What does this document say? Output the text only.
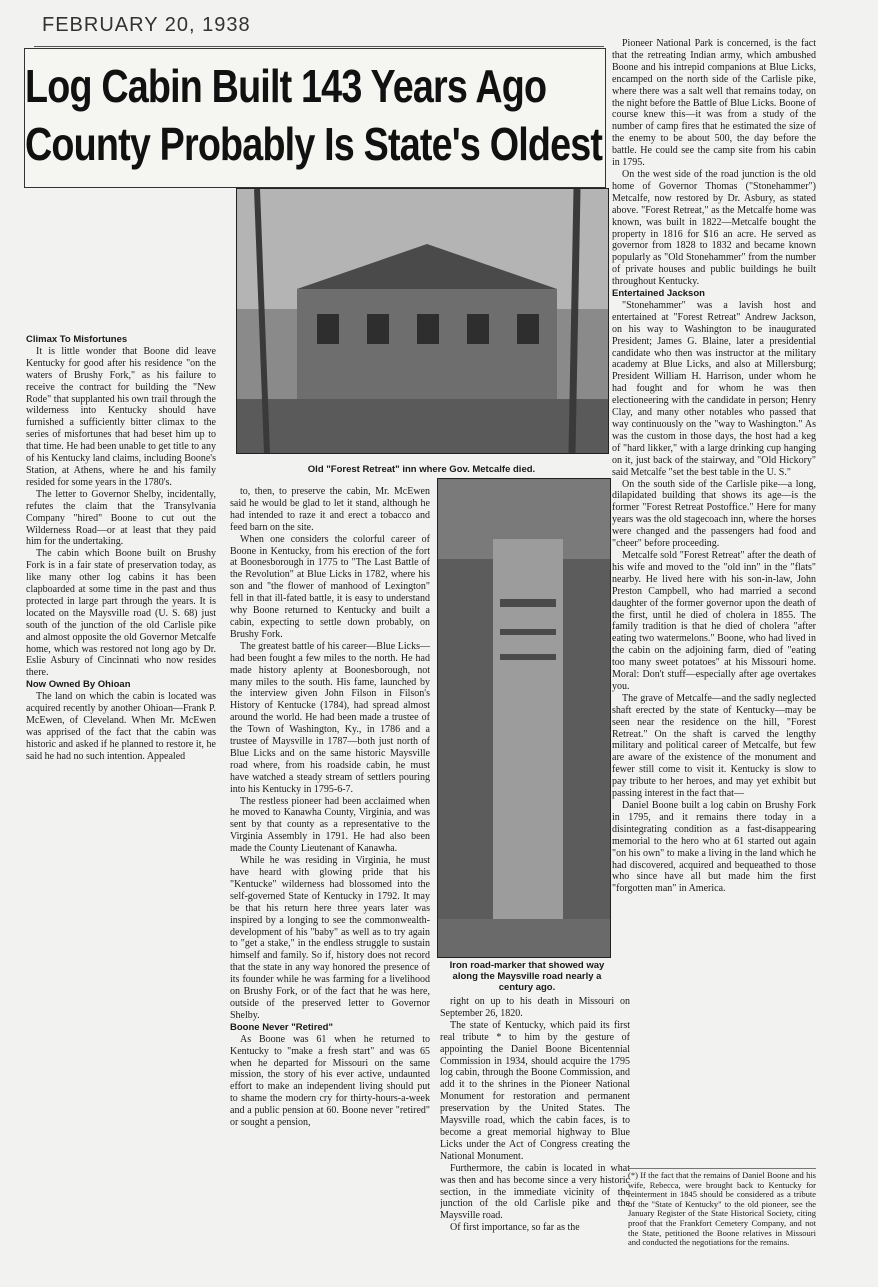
FEBRUARY 20, 1938
Log Cabin Built 143 Years Ago
County Probably Is State's Oldest
Old "Forest Retreat" inn where Gov. Metcalfe died.
Iron road-marker that showed way along the Maysville road nearly a century ago.

Climax To Misfortunes

It is little wonder that Boone did leave Kentucky for good after his residence "on the waters of Brushy Fork," as his failure to receive the contract for building the "New Rode" that supplanted his own trail through the wilderness into Kentucky should have furnished a sufficiently bitter climax to the series of misfortunes that had beset him up to that time. He had been unable to get title to any of his Kentucky land claims, including Boone's Station, at Athens, where he and his family resided for some years in the 1780's.

The letter to Governor Shelby, incidentally, refutes the claim that the Transylvania Company "hired" Boone to cut out the Wilderness Road—or at least that they paid him for the undertaking.

The cabin which Boone built on Brushy Fork is in a fair state of preservation today, as like many other log cabins it has been clapboarded at some time in the past and thus protected in large part through the years. It is located on the Maysville road (U. S. 68) just south of the junction of the old Carlisle pike and almost opposite the old Governor Metcalfe home, which was restored not long ago by Dr. Eslie Asbury of Cincinnati who now resides there.

Now Owned By Ohioan

The land on which the cabin is located was acquired recently by another Ohioan—Frank P. McEwen, of Cleveland. When Mr. McEwen was apprised of the fact that the cabin was historic and asked if he planned to restore it, he said he had no such intention. Appealed

to, then, to preserve the cabin, Mr. McEwen said he would be glad to let it stand, although he had intended to raze it and erect a tobacco and feed barn on the site.

When one considers the colorful career of Boone in Kentucky, from his erection of the fort at Boonesborough in 1775 to "The Last Battle of the Revolution" at Blue Licks in 1782, where his son and "the flower of manhood of Lexington" fell in that ill-fated battle, it is easy to understand why Boone returned to Kentucky and built a cabin, expecting to settle down probably, on Brushy Fork.

The greatest battle of his career—Blue Licks—had been fought a few miles to the north. He had made history aplenty at Boonesborough, not many miles to the south. His fame, launched by the interview given John Filson in Filson's History of Kentucke (1784), had spread almost around the world. He had been made a trustee of the Town of Washington, Ky., in 1786 and a trustee of Maysville in 1787—both just north of Blue Licks and on the same historic Maysville road where, from his roadside cabin, he must have watched a steady stream of settlers pouring into his Kentucky in 1795-6-7.

The restless pioneer had been acclaimed when he moved to Kanawha County, Virginia, and was sent by that county as a representative to the Virginia Assembly in 1791. He had also been made the County Lieutenant of Kanawha.

While he was residing in Virginia, he must have heard with glowing pride that his "Kentucke" wilderness had blossomed into the self-governed State of Kentucky in 1792. It may be that his return here three years later was inspired by a longing to see the commonwealth-development of his "baby" as well as to try again to "get a stake," in the endless struggle to sustain himself and family. So if, history does not record that the state in any way honored the presence of its founder while he was farming for a livelihood on Brushy Fork, or of the fact that he was here, outside of the preserved letter to Governor Shelby.

Boone Never "Retired"

As Boone was 61 when he returned to Kentucky to "make a fresh start" and was 65 when he departed for Missouri on the same mission, the story of his ever active, undaunted effort to make an independent living should put to shame the modern cry for thirty-hours-a-week and a public pension at 60. Boone never "retired" or sought a pension,

right on up to his death in Missouri on September 26, 1820.

The state of Kentucky, which paid its first real tribute * to him by the gesture of appointing the Daniel Boone Bicentennial Commission in 1934, should acquire the 1795 log cabin, through the Boone Commission, and add it to the shrines in the Pioneer National Monument for restoration and permanent preservation by the United States. The Maysville road, which the cabin faces, is to become a great memorial highway to Blue Licks under the Act of Congress creating the National Monument.

Furthermore, the cabin is located in what was then and has become since a very historic section, in the immediate vicinity of the junction of the old Carlisle pike and the Maysville road.

Of first importance, so far as the

Pioneer National Park is concerned, is the fact that the retreating Indian army, which ambushed Boone and his intrepid companions at Blue Licks, encamped on the north side of the Carlisle pike, where there was a salt well that remains today, on the night before the Battle of Blue Licks. Boone of course knew this—it was from a study of the number of camp fires that he estimated the size of the enemy to be about 500, the day before the battle. He could see the camp site from his cabin in 1795.

On the west side of the road junction is the old home of Governor Thomas ("Stonehammer") Metcalfe, now restored by Dr. Asbury, as stated above. "Forest Retreat," as the Metcalfe home was known, was built in 1822—Metcalfe bought the property in 1816 for $16 an acre. He served as governor from 1828 to 1832 and became known popularly as "Old Stonehammer" from the number of private houses and public buildings he built throughout Kentucky.

Entertained Jackson

"Stonehammer" was a lavish host and entertained at "Forest Retreat" Andrew Jackson, on his way to Washington to be inaugurated President; James G. Blaine, later a presidential candidate who then was instructor at the military academy at Blue Licks, and also at Millersburg; President William H. Harrison, under whom he had fought and for whom he was then electioneering with the candidate in person; Henry Clay, and many other notables who passed that way continuously on the "way to Washington." As was the custom in those days, the host had a keg of "hard likker," with a large drinking cup hanging on it, just back of the stairway, and "Old Hickory" said Metcalfe "set the best table in the U. S."

On the south side of the Carlisle pike—a long, dilapidated building that shows its age—is the former "Forest Retreat Postoffice." Here for many years was the old stagecoach inn, where the horses were changed and the passengers had food and "cheer" before proceeding.

Metcalfe sold "Forest Retreat" after the death of his wife and moved to the "old inn" in the "flats" nearby. He lived here with his son-in-law, John Preston Campbell, who had married a second daughter of the former governor upon the death of the first, until he died of cholera in 1855. The family tradition is that he died of cholera "after eating two watermelons." Boone, who had lived in the cabin on the adjoining farm, died of "eating too many sweet potatoes" at his Missouri home. Moral: Don't stuff—especially after age overtakes you.

The grave of Metcalfe—and the sadly neglected shaft erected by the state of Kentucky—may be seen near the residence on the hill, "Forest Retreat." On the shaft is carved the lengthy military and political career of Metcalfe, but few are aware of the existence of the monument and fewer still come to visit it. Kentucky is slow to pay tribute to her heroes, and may yet exhibit but passing interest in the fact that—

Daniel Boone built a log cabin on Brushy Fork in 1795, and it remains there today in a disintegrating condition as a fast-disappearing memorial to the hero who at 61 started out again "on his own" to make a living in the land which he had discovered, acquired and bequeathed to those who since have all but made him the first "forgotten man" in America.

(*) If the fact that the remains of Daniel Boone and his wife, Rebecca, were brought back to Kentucky for reinterment in 1845 should be considered as a tribute of the "State of Kentucky" to the old pioneer, see the January Register of the State Historical Society, citing proof that the Frankfort Cemetery Company, and not the State, petitioned the Boone relatives in Missouri and conducted the negotiations for the remains.
